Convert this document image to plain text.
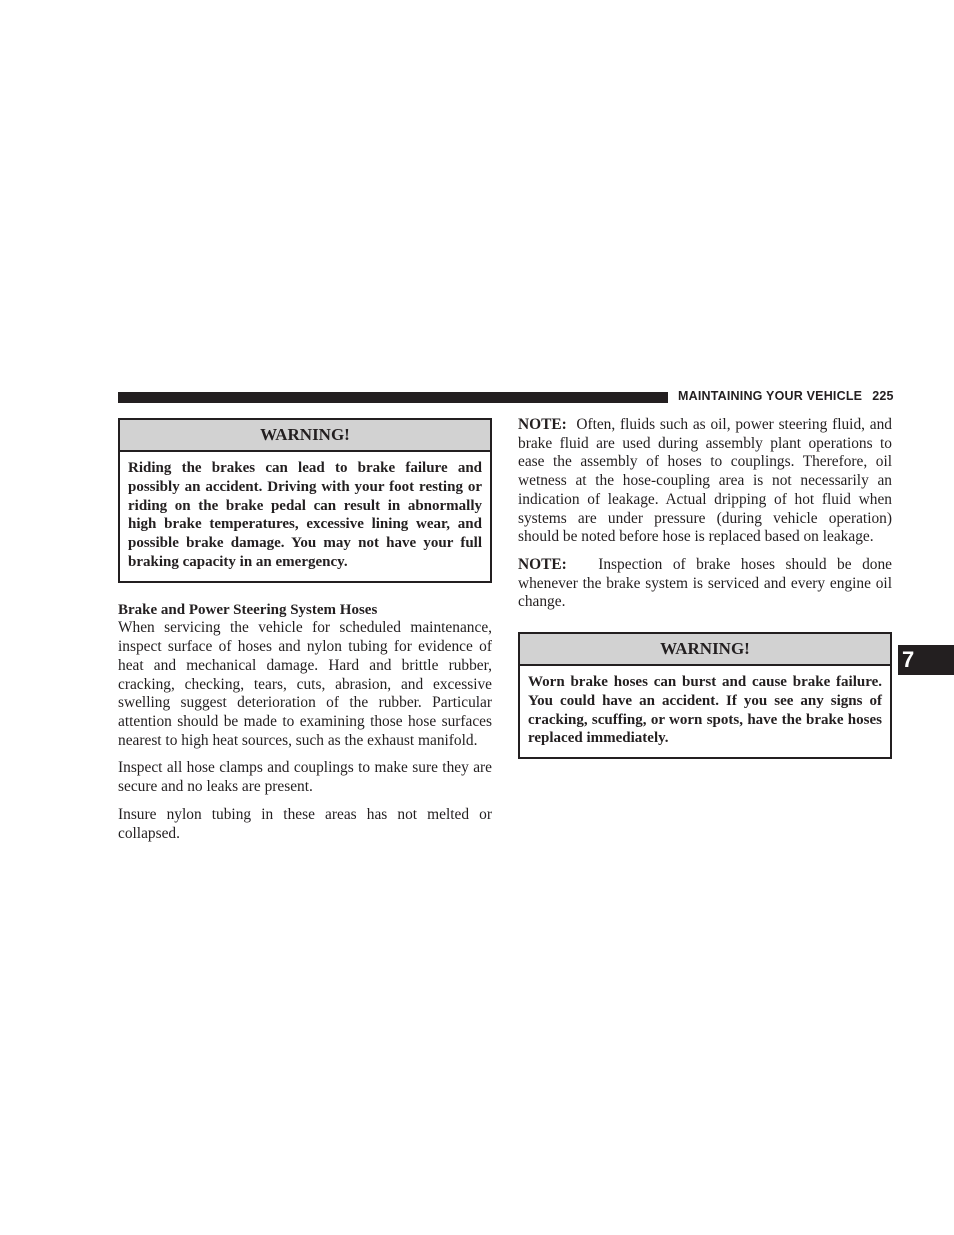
MAINTAINING YOUR VEHICLE 225
7
WARNING!
Riding the brakes can lead to brake failure and possibly an accident. Driving with your foot resting or riding on the brake pedal can result in abnormally high brake temperatures, excessive lining wear, and possible brake damage. You may not have your full braking capacity in an emergency.
Brake and Power Steering System Hoses

When servicing the vehicle for scheduled maintenance, inspect surface of hoses and nylon tubing for evidence of heat and mechanical damage. Hard and brittle rubber, cracking, checking, tears, cuts, abrasion, and excessive swelling suggest deterioration of the rubber. Particular attention should be made to examining those hose surfaces nearest to high heat sources, such as the exhaust manifold.

Inspect all hose clamps and couplings to make sure they are secure and no leaks are present.

Insure nylon tubing in these areas has not melted or collapsed.

NOTE: Often, fluids such as oil, power steering fluid, and brake fluid are used during assembly plant operations to ease the assembly of hoses to couplings. Therefore, oil wetness at the hose-coupling area is not necessarily an indication of leakage. Actual dripping of hot fluid when systems are under pressure (during vehicle operation) should be noted before hose is replaced based on leakage.

NOTE: Inspection of brake hoses should be done whenever the brake system is serviced and every engine oil change.

WARNING!
Worn brake hoses can burst and cause brake failure. You could have an accident. If you see any signs of cracking, scuffing, or worn spots, have the brake hoses replaced immediately.
